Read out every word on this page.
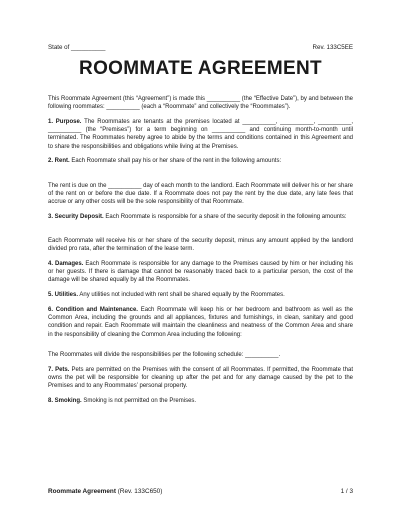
State of __________	Rev. 133C5EE
ROOMMATE AGREEMENT

This Roommate Agreement (this “Agreement”) is made this __________ (the “Effective Date”), by and between the following roommates: __________ (each a “Roommate” and collectively the “Roommates”).

1. Purpose. The Roommates are tenants at the premises located at __________, __________, __________, __________ (the “Premises”) for a term beginning on __________ and continuing month-to-month until terminated. The Roommates hereby agree to abide by the terms and conditions contained in this Agreement and to share the responsibilities and obligations while living at the Premises.

2. Rent. Each Roommate shall pay his or her share of the rent in the following amounts:

The rent is due on the __________ day of each month to the landlord. Each Roommate will deliver his or her share of the rent on or before the due date. If a Roommate does not pay the rent by the due date, any late fees that accrue or any other costs will be the sole responsibility of that Roommate.

3. Security Deposit. Each Roommate is responsible for a share of the security deposit in the following amounts:

Each Roommate will receive his or her share of the security deposit, minus any amount applied by the landlord divided pro rata, after the termination of the lease term.

4. Damages. Each Roommate is responsible for any damage to the Premises caused by him or her including his or her guests. If there is damage that cannot be reasonably traced back to a particular person, the cost of the damage will be shared equally by all the Roommates.

5. Utilities. Any utilities not included with rent shall be shared equally by the Roommates.

6. Condition and Maintenance. Each Roommate will keep his or her bedroom and bathroom as well as the Common Area, including the grounds and all appliances, fixtures and furnishings, in clean, sanitary and good condition and repair. Each Roommate will maintain the cleanliness and neatness of the Common Area and share in the responsibility of cleaning the Common Area including the following:

The Roommates will divide the responsibilities per the following schedule: __________.

7. Pets. Pets are permitted on the Premises with the consent of all Roommates. If permitted, the Roommate that owns the pet will be responsible for cleaning up after the pet and for any damage caused by the pet to the Premises and to any Roommates’ personal property.

8. Smoking. Smoking is not permitted on the Premises.

Roommate Agreement (Rev. 133C650)	1 / 3
